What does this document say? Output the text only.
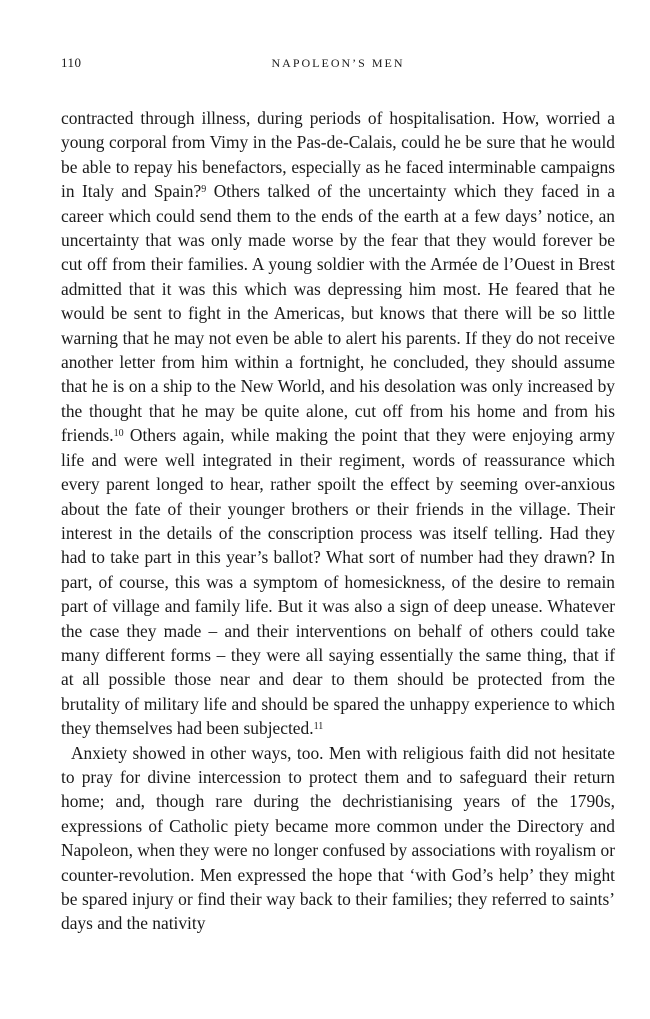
110	NAPOLEON’S MEN

contracted through illness, during periods of hospitalisation. How, worried a young corporal from Vimy in the Pas-de-Calais, could he be sure that he would be able to repay his benefactors, especially as he faced interminable campaigns in Italy and Spain?$^9$ Others talked of the uncertainty which they faced in a career which could send them to the ends of the earth at a few days’ notice, an uncertainty that was only made worse by the fear that they would forever be cut off from their families. A young soldier with the Armée de l’Ouest in Brest admitted that it was this which was depressing him most. He feared that he would be sent to fight in the Americas, but knows that there will be so little warning that he may not even be able to alert his parents. If they do not receive another letter from him within a fortnight, he concluded, they should assume that he is on a ship to the New World, and his desolation was only increased by the thought that he may be quite alone, cut off from his home and from his friends.$^{10}$ Others again, while making the point that they were enjoying army life and were well integrated in their regiment, words of reassurance which every parent longed to hear, rather spoilt the effect by seeming over-anxious about the fate of their younger brothers or their friends in the village. Their interest in the details of the conscription process was itself telling. Had they had to take part in this year’s ballot? What sort of number had they drawn? In part, of course, this was a symptom of homesickness, of the desire to remain part of village and family life. But it was also a sign of deep unease. Whatever the case they made – and their interventions on behalf of others could take many different forms – they were all saying essentially the same thing, that if at all possible those near and dear to them should be protected from the brutality of military life and should be spared the unhappy experience to which they themselves had been subjected.$^{11}$

Anxiety showed in other ways, too. Men with religious faith did not hesitate to pray for divine intercession to protect them and to safeguard their return home; and, though rare during the dechristianising years of the 1790s, expressions of Catholic piety became more common under the Directory and Napoleon, when they were no longer confused by associations with royalism or counter-revolution. Men expressed the hope that ‘with God’s help’ they might be spared injury or find their way back to their families; they referred to saints’ days and the nativity
